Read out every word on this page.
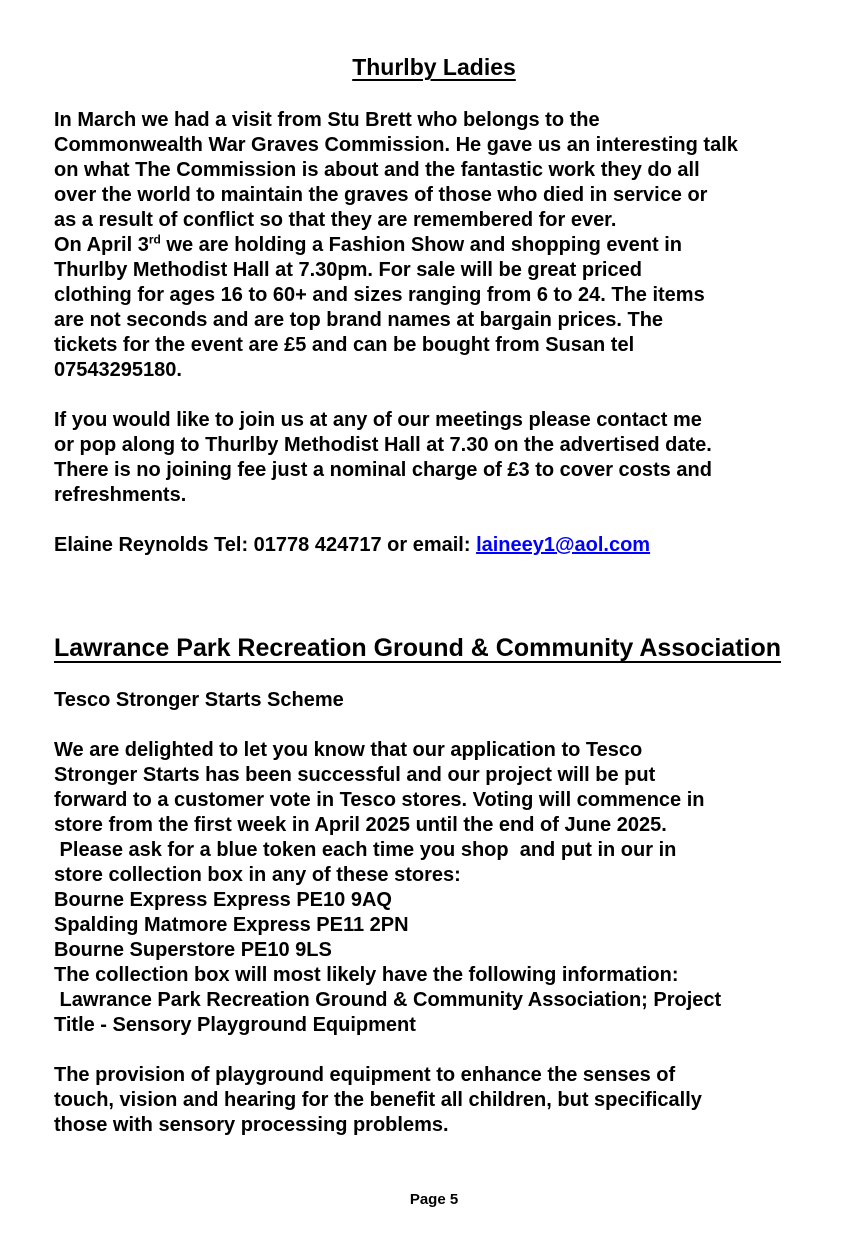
Thurlby Ladies
In March we had a visit from Stu Brett who belongs to the
Commonwealth War Graves Commission. He gave us an interesting talk
on what The Commission is about and the fantastic work they do all
over the world to maintain the graves of those who died in service or
as a result of conflict so that they are remembered for ever.
On April 3rd we are holding a Fashion Show and shopping event in
Thurlby Methodist Hall at 7.30pm. For sale will be great priced
clothing for ages 16 to 60+ and sizes ranging from 6 to 24. The items
are not seconds and are top brand names at bargain prices. The
tickets for the event are £5 and can be bought from Susan tel
07543295180.
If you would like to join us at any of our meetings please contact me
or pop along to Thurlby Methodist Hall at 7.30 on the advertised date.
There is no joining fee just a nominal charge of £3 to cover costs and
refreshments.
Elaine Reynolds Tel: 01778 424717 or email: laineey1@aol.com
Lawrance Park Recreation Ground & Community Association
Tesco Stronger Starts Scheme
We are delighted to let you know that our application to Tesco
Stronger Starts has been successful and our project will be put
forward to a customer vote in Tesco stores. Voting will commence in
store from the first week in April 2025 until the end of June 2025.
Please ask for a blue token each time you shop  and put in our in
store collection box in any of these stores:
Bourne Express Express PE10 9AQ
Spalding Matmore Express PE11 2PN
Bourne Superstore PE10 9LS
The collection box will most likely have the following information:
Lawrance Park Recreation Ground & Community Association; Project
Title - Sensory Playground Equipment
The provision of playground equipment to enhance the senses of
touch, vision and hearing for the benefit all children, but specifically
those with sensory processing problems.
Page 5
